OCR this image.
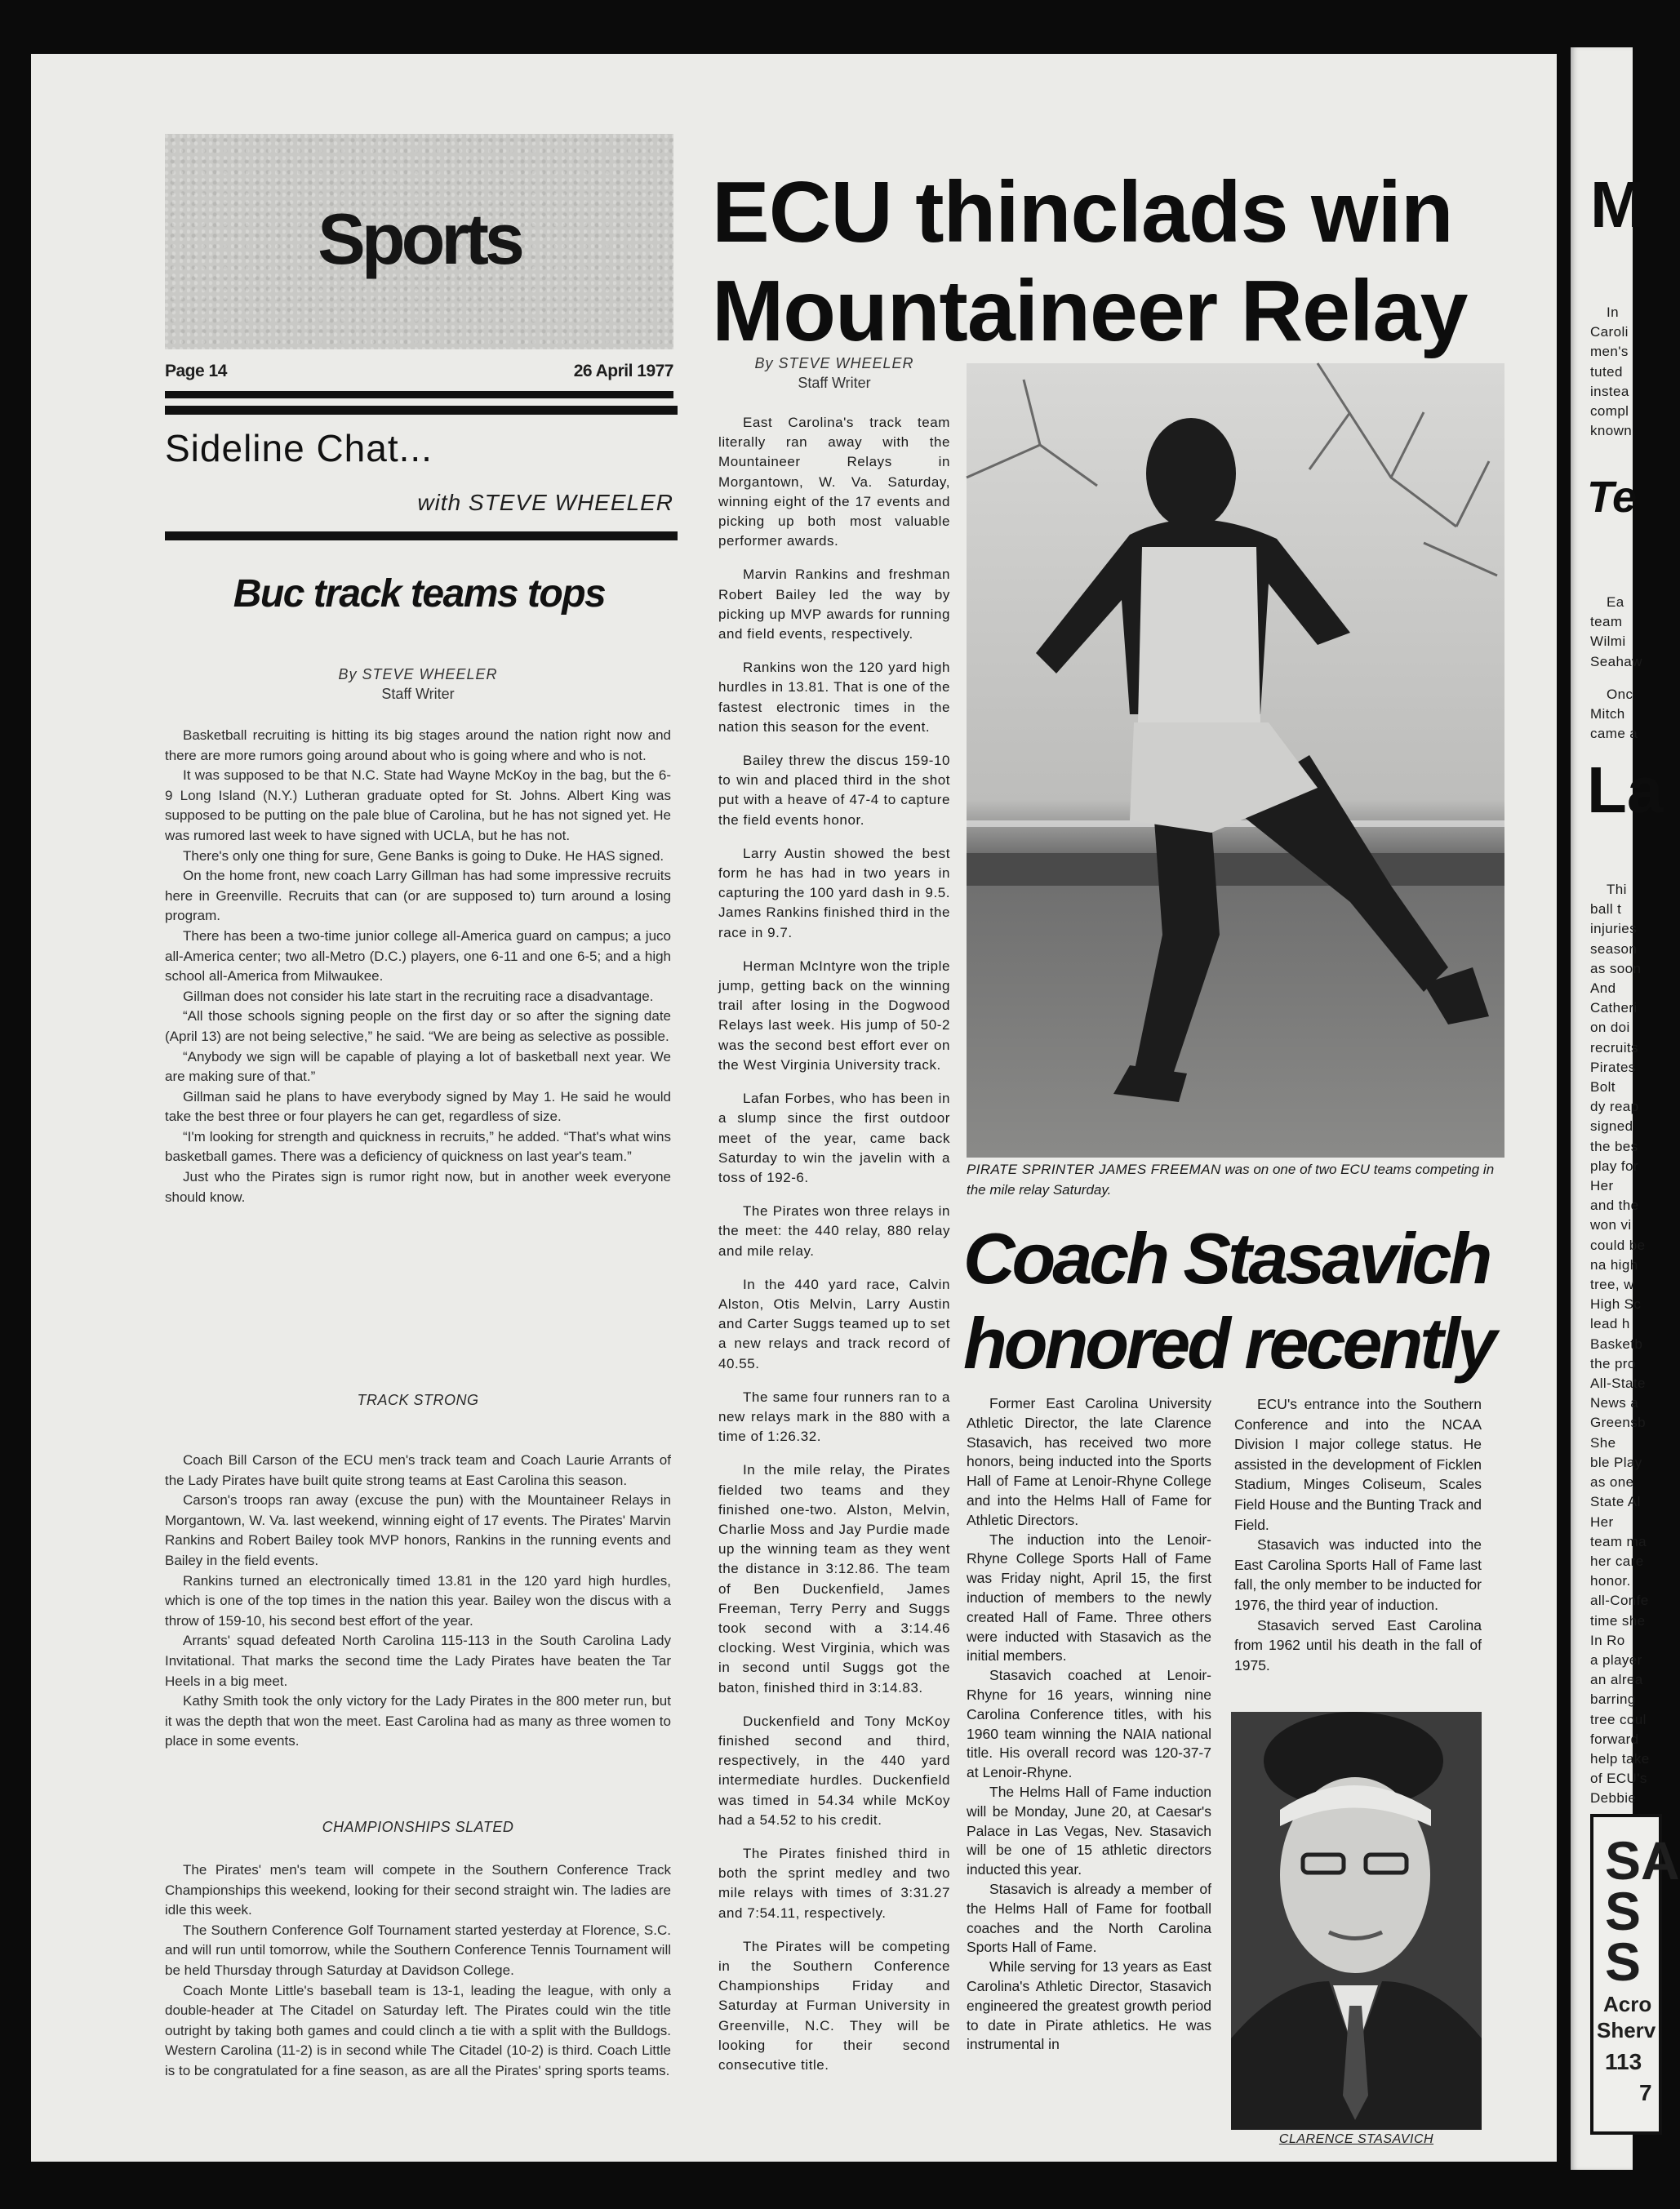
Sports
Page 14	26 April 1977
Sideline Chat...
with STEVE WHEELER
Buc track teams tops
By STEVE WHEELER
Staff Writer

Basketball recruiting is hitting its big stages around the nation right now and there are more rumors going around about who is going where and who is not.

It was supposed to be that N.C. State had Wayne McKoy in the bag, but the 6-9 Long Island (N.Y.) Lutheran graduate opted for St. Johns. Albert King was supposed to be putting on the pale blue of Carolina, but he has not signed yet. He was rumored last week to have signed with UCLA, but he has not.

There's only one thing for sure, Gene Banks is going to Duke. He HAS signed.

On the home front, new coach Larry Gillman has had some impressive recruits here in Greenville. Recruits that can (or are supposed to) turn around a losing program.

There has been a two-time junior college all-America guard on campus; a juco all-America center; two all-Metro (D.C.) players, one 6-11 and one 6-5; and a high school all-America from Milwaukee.

Gillman does not consider his late start in the recruiting race a disadvantage.

“All those schools signing people on the first day or so after the signing date (April 13) are not being selective,” he said. “We are being as selective as possible.

“Anybody we sign will be capable of playing a lot of basketball next year. We are making sure of that.”

Gillman said he plans to have everybody signed by May 1. He said he would take the best three or four players he can get, regardless of size.

“I'm looking for strength and quickness in recruits,” he added. “That's what wins basketball games. There was a deficiency of quickness on last year's team.”

Just who the Pirates sign is rumor right now, but in another week everyone should know.

TRACK STRONG

Coach Bill Carson of the ECU men's track team and Coach Laurie Arrants of the Lady Pirates have built quite strong teams at East Carolina this season.

Carson's troops ran away (excuse the pun) with the Mountaineer Relays in Morgantown, W. Va. last weekend, winning eight of 17 events. The Pirates' Marvin Rankins and Robert Bailey took MVP honors, Rankins in the running events and Bailey in the field events.

Rankins turned an electronically timed 13.81 in the 120 yard high hurdles, which is one of the top times in the nation this year. Bailey won the discus with a throw of 159-10, his second best effort of the year.

Arrants' squad defeated North Carolina 115-113 in the South Carolina Lady Invitational. That marks the second time the Lady Pirates have beaten the Tar Heels in a big meet.

Kathy Smith took the only victory for the Lady Pirates in the 800 meter run, but it was the depth that won the meet. East Carolina had as many as three women to place in some events.

CHAMPIONSHIPS SLATED

The Pirates' men's team will compete in the Southern Conference Track Championships this weekend, looking for their second straight win. The ladies are idle this week.

The Southern Conference Golf Tournament started yesterday at Florence, S.C. and will run until tomorrow, while the Southern Conference Tennis Tournament will be held Thursday through Saturday at Davidson College.

Coach Monte Little's baseball team is 13-1, leading the league, with only a double-header at The Citadel on Saturday left. The Pirates could win the title outright by taking both games and could clinch a tie with a split with the Bulldogs. Western Carolina (11-2) is in second while The Citadel (10-2) is third. Coach Little is to be congratulated for a fine season, as are all the Pirates' spring sports teams.

ECU thinclads win
Mountaineer Relay
By STEVE WHEELER
Staff Writer

East Carolina's track team literally ran away with the Mountaineer Relays in Morgantown, W. Va. Saturday, winning eight of the 17 events and picking up both most valuable performer awards.

Marvin Rankins and freshman Robert Bailey led the way by picking up MVP awards for running and field events, respectively.

Rankins won the 120 yard high hurdles in 13.81. That is one of the fastest electronic times in the nation this season for the event.

Bailey threw the discus 159-10 to win and placed third in the shot put with a heave of 47-4 to capture the field events honor.

Larry Austin showed the best form he has had in two years in capturing the 100 yard dash in 9.5. James Rankins finished third in the race in 9.7.

Herman McIntyre won the triple jump, getting back on the winning trail after losing in the Dogwood Relays last week. His jump of 50-2 was the second best effort ever on the West Virginia University track.

Lafan Forbes, who has been in a slump since the first outdoor meet of the year, came back Saturday to win the javelin with a toss of 192-6.

The Pirates won three relays in the meet: the 440 relay, 880 relay and mile relay.

In the 440 yard race, Calvin Alston, Otis Melvin, Larry Austin and Carter Suggs teamed up to set a new relays and track record of 40.55.

The same four runners ran to a new relays mark in the 880 with a time of 1:26.32.

In the mile relay, the Pirates fielded two teams and they finished one-two. Alston, Melvin, Charlie Moss and Jay Purdie made up the winning team as they went the distance in 3:12.86. The team of Ben Duckenfield, James Freeman, Terry Perry and Suggs took second with a 3:14.46 clocking. West Virginia, which was in second until Suggs got the baton, finished third in 3:14.83.

Duckenfield and Tony McKoy finished second and third, respectively, in the 440 yard intermediate hurdles. Duckenfield was timed in 54.34 while McKoy had a 54.52 to his credit.

The Pirates finished third in both the sprint medley and two mile relays with times of 3:31.27 and 7:54.11, respectively.

The Pirates will be competing in the Southern Conference Championships Friday and Saturday at Furman University in Greenville, N.C. They will be looking for their second consecutive title.

PIRATE SPRINTER JAMES FREEMAN was on one of two ECU teams competing in the mile relay Saturday.
Coach Stasavich
honored recently

Former East Carolina University Athletic Director, the late Clarence Stasavich, has received two more honors, being inducted into the Sports Hall of Fame at Lenoir-Rhyne College and into the Helms Hall of Fame for Athletic Directors.

The induction into the Lenoir-Rhyne College Sports Hall of Fame was Friday night, April 15, the first induction of members to the newly created Hall of Fame. Three others were inducted with Stasavich as the initial members.

Stasavich coached at Lenoir-Rhyne for 16 years, winning nine Carolina Conference titles, with his 1960 team winning the NAIA national title. His overall record was 120-37-7 at Lenoir-Rhyne.

The Helms Hall of Fame induction will be Monday, June 20, at Caesar's Palace in Las Vegas, Nev. Stasavich will be one of 15 athletic directors inducted this year.

Stasavich is already a member of the Helms Hall of Fame for football coaches and the North Carolina Sports Hall of Fame.

While serving for 13 years as East Carolina's Athletic Director, Stasavich engineered the greatest growth period to date in Pirate athletics. He was instrumental in

ECU's entrance into the Southern Conference and into the NCAA Division I major college status. He assisted in the development of Ficklen Stadium, Minges Coliseum, Scales Field House and the Bunting Track and Field.

Stasavich was inducted into the East Carolina Sports Hall of Fame last fall, the only member to be inducted for 1976, the third year of induction.

Stasavich served East Carolina from 1962 until his death in the fall of 1975.

CLARENCE STASAVICH
M
In
Caroli
men's
tuted
instea
compl
known
Te
Ea
team
Wilmi
Seahaw
Onc
Mitch
came a
La
Thi
ball t
injuries
season
as soon
And
Catheri
on doi
recruits
Pirates
Bolt
dy reap
signed
the bes
play for
Her
and the
won vi
could be
na high
tree, w
High Sc
lead h
Basketb
the pro
All-State
News a
Greensb
She
ble Play
as one
State Al
Her
team ma
her care
honor.
all-Confe
time she
In Ro
a player
an alrea
barring
tree coul
forward
help take
of ECU's
Debbie
SA
S
S
Acro
Sherv
113
7
